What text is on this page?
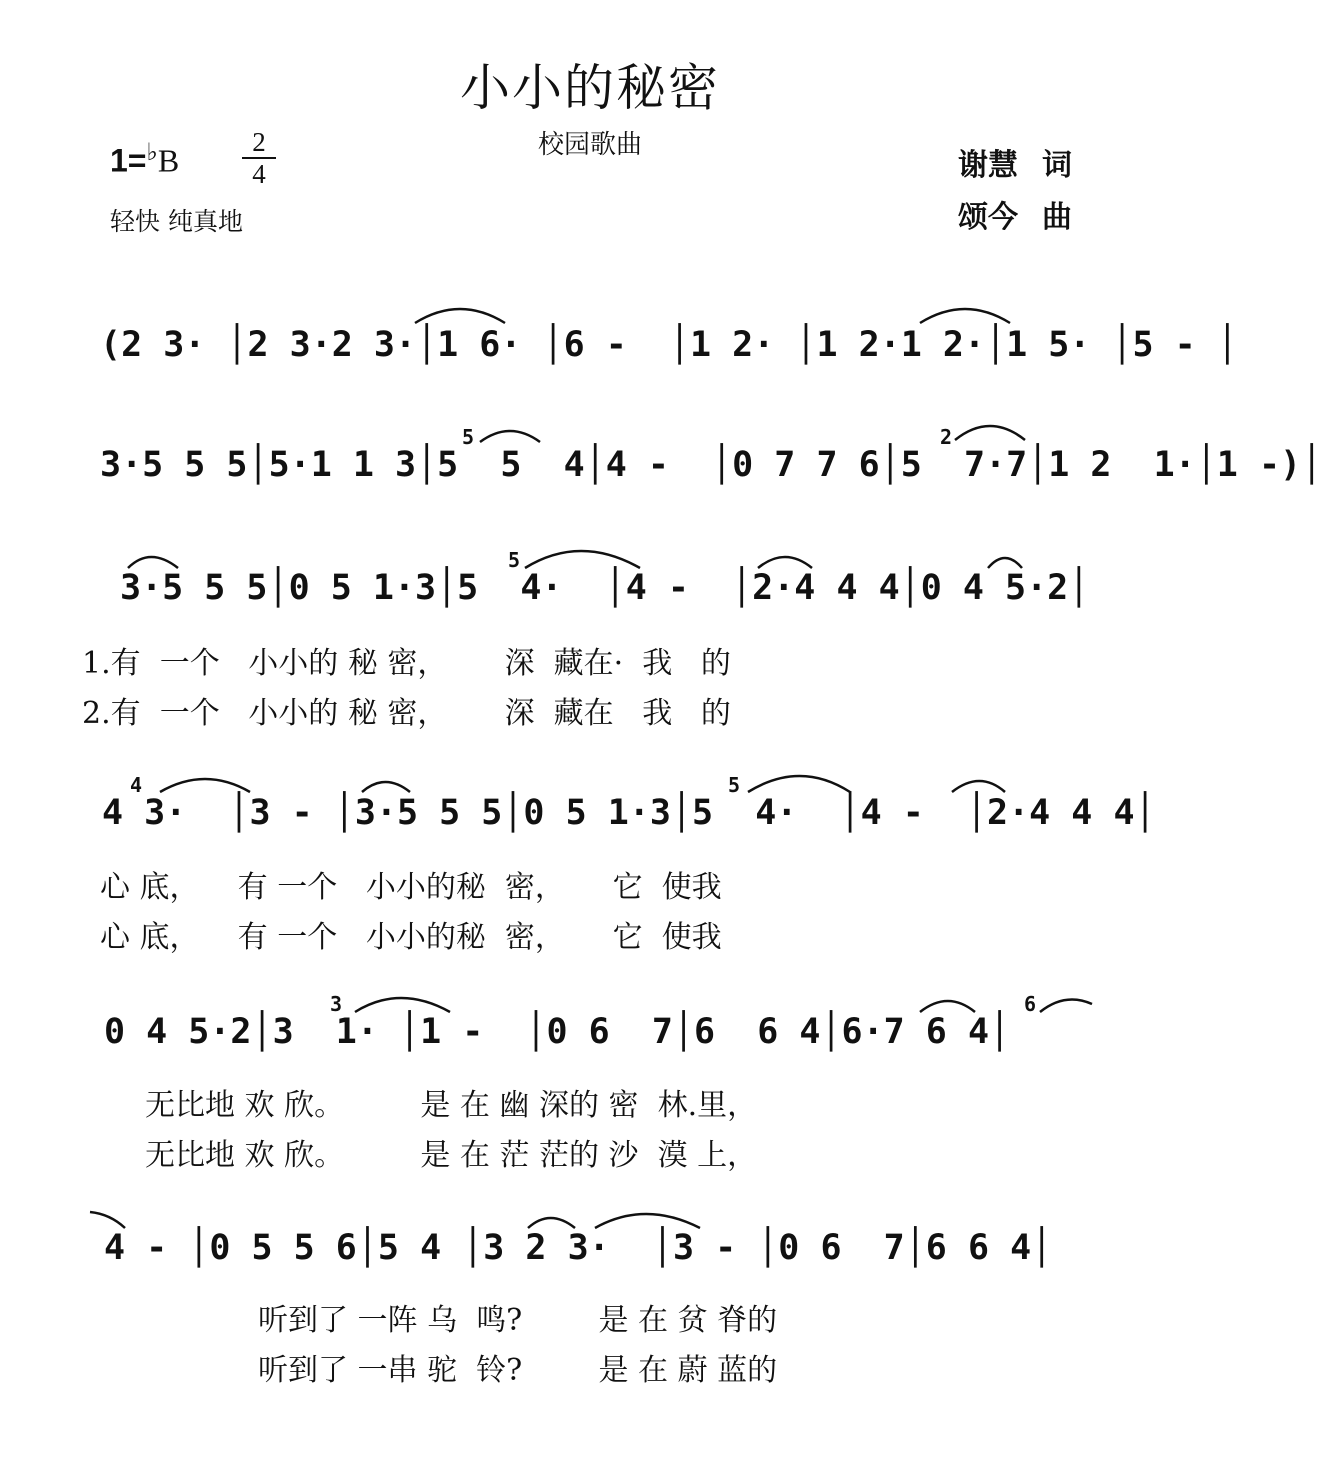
小小的秘密
校园歌曲
1=♭B
2
4
轻快 纯真地
谢慧 词
颂今 曲
(2 3· │2 3·2 3·│1 6· │6 -  │1 2· │1 2·1 2·│1 5· │5 - │
3·5 5 5│5·1 1 3│5  5  4│4 -  │0 7 7 6│5  7·7│1 2  1·│1 -)│
5	2
3·5 5 5│0 5 1·3│5  4·  │4 -  │2·4 4 4│0 4 5·2│
5
1.有  一个   小小的 秘 密，      深  藏在·  我   的
2.有  一个   小小的 秘 密，      深  藏在   我   的
4 3·  │3 - │3·5 5 5│0 5 1·3│5  4·  │4 -  │2·4 4 4│
4	5
心 底，    有 一个   小小的秘  密，     它  使我
心 底，    有 一个   小小的秘  密，     它  使我
0 4 5·2│3  1· │1 -  │0 6  7│6  6 4│6·7 6 4│
3	6
无比地 欢 欣。        是 在 幽 深的 密  林.里，
无比地 欢 欣。        是 在 茫 茫的 沙  漠 上，
4 - │0 5 5 6│5 4 │3 2 3·  │3 - │0 6  7│6 6 4│
听到了 一阵 乌  鸣?        是 在 贫 脊的
听到了 一串 驼  铃?        是 在 蔚 蓝的
